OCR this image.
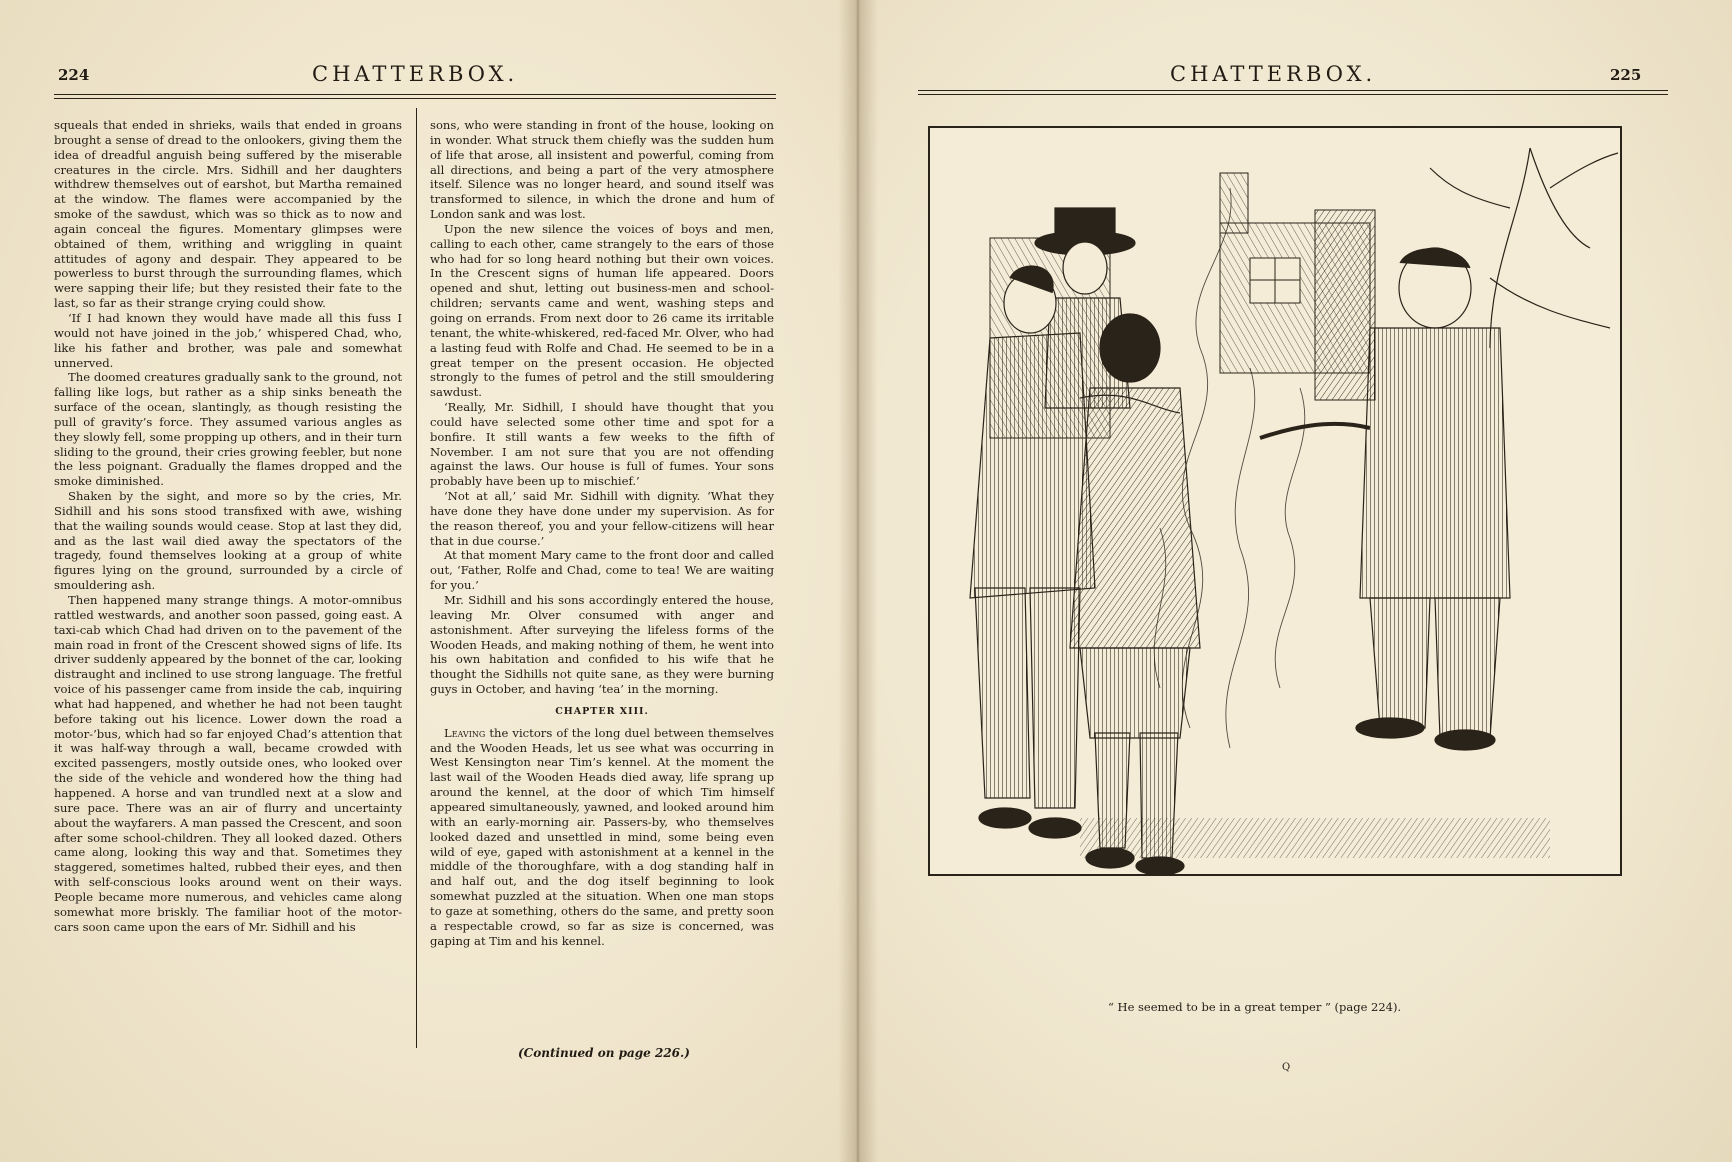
224	CHATTERBOX.

squeals that ended in shrieks, wails that ended in groans brought a sense of dread to the onlookers, giving them the idea of dreadful anguish being suffered by the miserable creatures in the circle. Mrs. Sidhill and her daughters withdrew themselves out of earshot, but Martha remained at the window. The flames were accompanied by the smoke of the sawdust, which was so thick as to now and again conceal the figures. Momentary glimpses were obtained of them, writhing and wriggling in quaint attitudes of agony and despair. They appeared to be powerless to burst through the surrounding flames, which were sapping their life; but they resisted their fate to the last, so far as their strange crying could show.

‘If I had known they would have made all this fuss I would not have joined in the job,’ whispered Chad, who, like his father and brother, was pale and somewhat unnerved.

The doomed creatures gradually sank to the ground, not falling like logs, but rather as a ship sinks beneath the surface of the ocean, slantingly, as though resisting the pull of gravity’s force. They assumed various angles as they slowly fell, some propping up others, and in their turn sliding to the ground, their cries growing feebler, but none the less poignant. Gradually the flames dropped and the smoke diminished.

Shaken by the sight, and more so by the cries, Mr. Sidhill and his sons stood transfixed with awe, wishing that the wailing sounds would cease. Stop at last they did, and as the last wail died away the spectators of the tragedy, found themselves looking at a group of white figures lying on the ground, surrounded by a circle of smouldering ash.

Then happened many strange things. A motor-omnibus rattled westwards, and another soon passed, going east. A taxi-cab which Chad had driven on to the pavement of the main road in front of the Crescent showed signs of life. Its driver suddenly appeared by the bonnet of the car, looking distraught and inclined to use strong language. The fretful voice of his passenger came from inside the cab, inquiring what had happened, and whether he had not been taught before taking out his licence. Lower down the road a motor-’bus, which had so far enjoyed Chad’s attention that it was half-way through a wall, became crowded with excited passengers, mostly outside ones, who looked over the side of the vehicle and wondered how the thing had happened. A horse and van trundled next at a slow and sure pace. There was an air of flurry and uncertainty about the wayfarers. A man passed the Crescent, and soon after some school-children. They all looked dazed. Others came along, looking this way and that. Sometimes they staggered, sometimes halted, rubbed their eyes, and then with self-conscious looks around went on their ways. People became more numerous, and vehicles came along somewhat more briskly. The familiar hoot of the motor-cars soon came upon the ears of Mr. Sidhill and his

sons, who were standing in front of the house, looking on in wonder. What struck them chiefly was the sudden hum of life that arose, all insistent and powerful, coming from all directions, and being a part of the very atmosphere itself. Silence was no longer heard, and sound itself was transformed to silence, in which the drone and hum of London sank and was lost.

Upon the new silence the voices of boys and men, calling to each other, came strangely to the ears of those who had for so long heard nothing but their own voices. In the Crescent signs of human life appeared. Doors opened and shut, letting out business-men and school-children; servants came and went, washing steps and going on errands. From next door to 26 came its irritable tenant, the white-whiskered, red-faced Mr. Olver, who had a lasting feud with Rolfe and Chad. He seemed to be in a great temper on the present occasion. He objected strongly to the fumes of petrol and the still smouldering sawdust.

‘Really, Mr. Sidhill, I should have thought that you could have selected some other time and spot for a bonfire. It still wants a few weeks to the fifth of November. I am not sure that you are not offending against the laws. Our house is full of fumes. Your sons probably have been up to mischief.’

‘Not at all,’ said Mr. Sidhill with dignity. ‘What they have done they have done under my supervision. As for the reason thereof, you and your fellow-citizens will hear that in due course.’

At that moment Mary came to the front door and called out, ‘Father, Rolfe and Chad, come to tea! We are waiting for you.’

Mr. Sidhill and his sons accordingly entered the house, leaving Mr. Olver consumed with anger and astonishment. After surveying the lifeless forms of the Wooden Heads, and making nothing of them, he went into his own habitation and confided to his wife that he thought the Sidhills not quite sane, as they were burning guys in October, and having ‘tea’ in the morning.

CHAPTER XIII.

Leaving the victors of the long duel between themselves and the Wooden Heads, let us see what was occurring in West Kensington near Tim’s kennel. At the moment the last wail of the Wooden Heads died away, life sprang up around the kennel, at the door of which Tim himself appeared simultaneously, yawned, and looked around him with an early-morning air. Passers-by, who themselves looked dazed and unsettled in mind, some being even wild of eye, gaped with astonishment at a kennel in the middle of the thoroughfare, with a dog standing half in and half out, and the dog itself beginning to look somewhat puzzled at the situation. When one man stops to gaze at something, others do the same, and pretty soon a respectable crowd, so far as size is concerned, was gaping at Tim and his kennel.

(Continued on page 226.)
CHATTERBOX.	225
“ He seemed to be in a great temper ” (page 224).
Q
